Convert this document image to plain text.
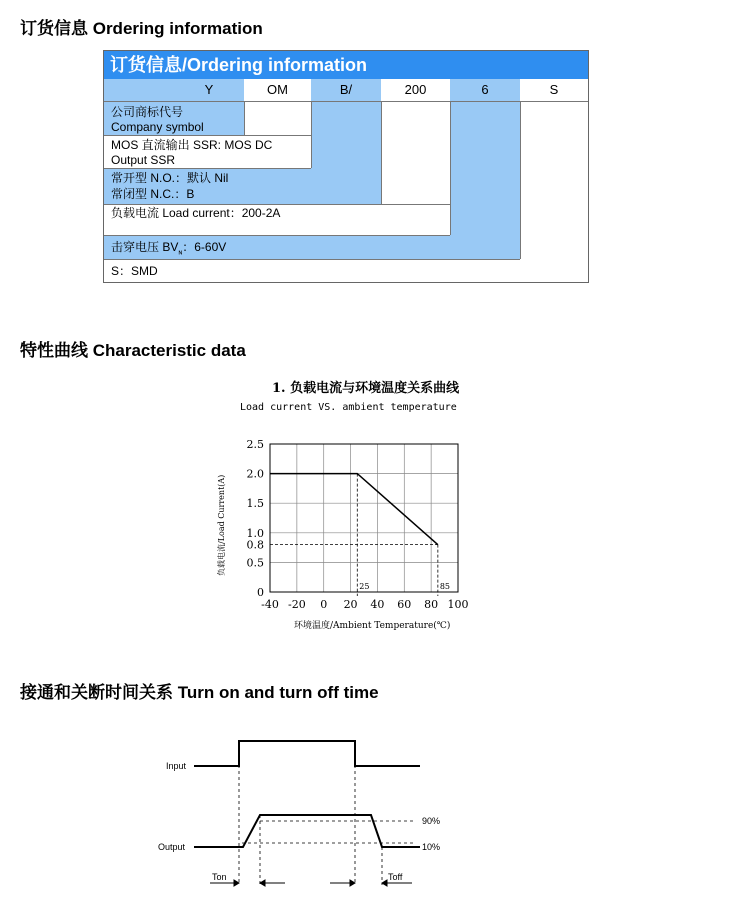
订货信息 Ordering information
订货信息/Ordering information
Y	OM	B/	200	6	S
公司商标代号
Company symbol
MOS 直流输出 SSR: MOS DC
Output SSR
常开型 N.O.：默认 Nil
常闭型 N.C.：B
负载电流 Load current：200-2A
击穿电压 $BV_ɴ$：6-60V
S：SMD
特性曲线 Characteristic data
1. 负载电流与环境温度关系曲线
Load current VS. ambient temperature
-40 -20 0 20 40 60 80 100
0
0.5
0.8
1.0
1.5
2.0
2.5
25	85
环境温度/Ambient Temperature(℃)
负载电流/Load Current(A)
接通和关断时间关系 Turn on and turn off time
Input
Output
90%
10%
Ton	Toff
